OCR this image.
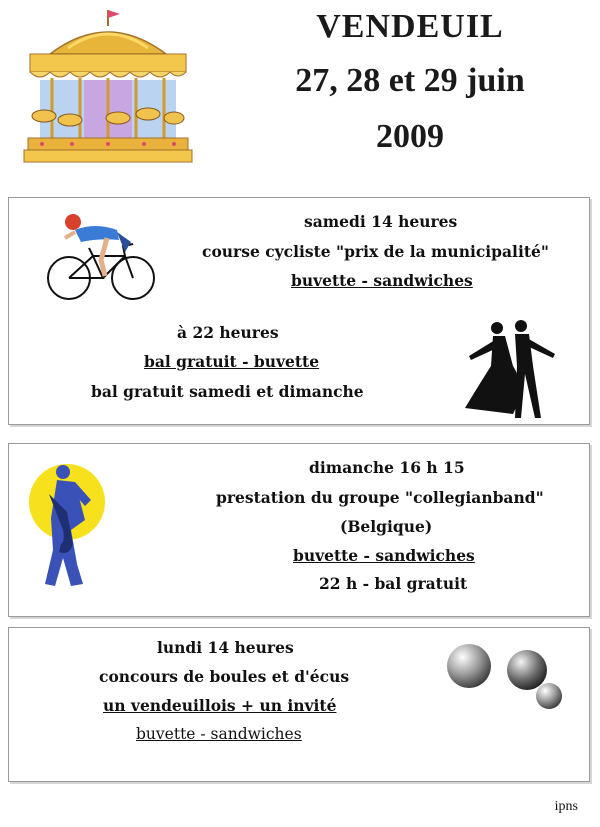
VENDEUIL
27, 28 et 29 juin
2009
samedi 14 heures
course cycliste "prix de la municipalité"
buvette - sandwiches
à 22 heures
bal gratuit - buvette
bal gratuit samedi et dimanche
dimanche 16 h 15
prestation du groupe "collegianband"
(Belgique)
buvette - sandwiches
22 h - bal gratuit
lundi 14 heures
concours de boules et d'écus
un vendeuillois + un invité
buvette - sandwiches
ipns
